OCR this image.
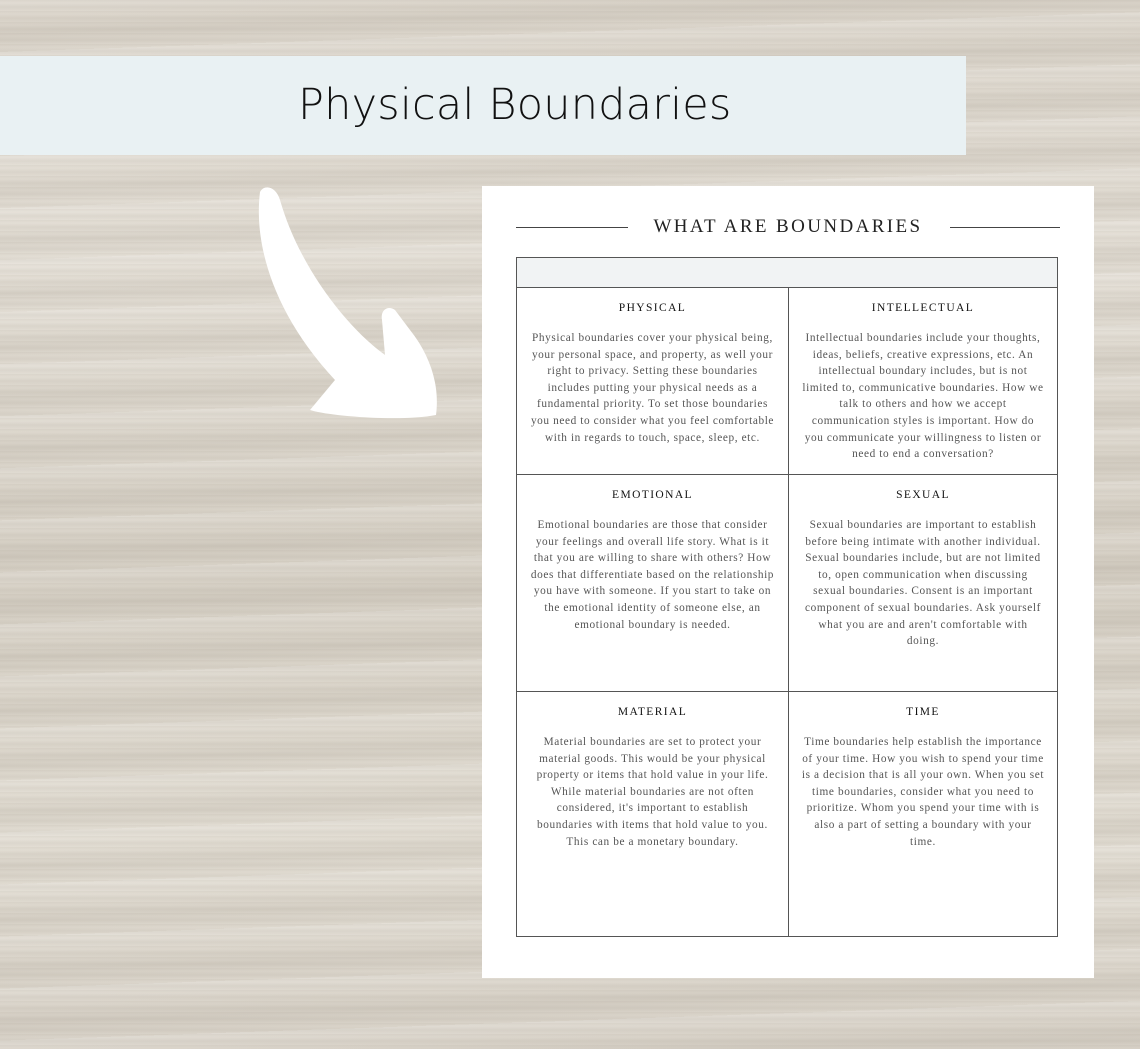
Physical Boundaries
WHAT ARE BOUNDARIES
PHYSICAL
Physical boundaries cover your physical being, your personal space, and property, as well your right to privacy. Setting these boundaries includes putting your physical needs as a fundamental priority. To set those boundaries you need to consider what you feel comfortable with in regards to touch, space, sleep, etc.
INTELLECTUAL
Intellectual boundaries include your thoughts, ideas, beliefs, creative expressions, etc. An intellectual boundary includes, but is not limited to, communicative boundaries. How we talk to others and how we accept communication styles is important. How do you communicate your willingness to listen or need to end a conversation?
EMOTIONAL
Emotional boundaries are those that consider your feelings and overall life story. What is it that you are willing to share with others? How does that differentiate based on the relationship you have with someone. If you start to take on the emotional identity of someone else, an emotional boundary is needed.
SEXUAL
Sexual boundaries are important to establish before being intimate with another individual. Sexual boundaries include, but are not limited to, open communication when discussing sexual boundaries. Consent is an important component of sexual boundaries. Ask yourself what you are and aren't comfortable with doing.
MATERIAL
Material boundaries are set to protect your material goods. This would be your physical property or items that hold value in your life. While material boundaries are not often considered, it's important to establish boundaries with items that hold value to you. This can be a monetary boundary.
TIME
Time boundaries help establish the importance of your time. How you wish to spend your time is a decision that is all your own. When you set time boundaries, consider what you need to prioritize. Whom you spend your time with is also a part of setting a boundary with your time.
